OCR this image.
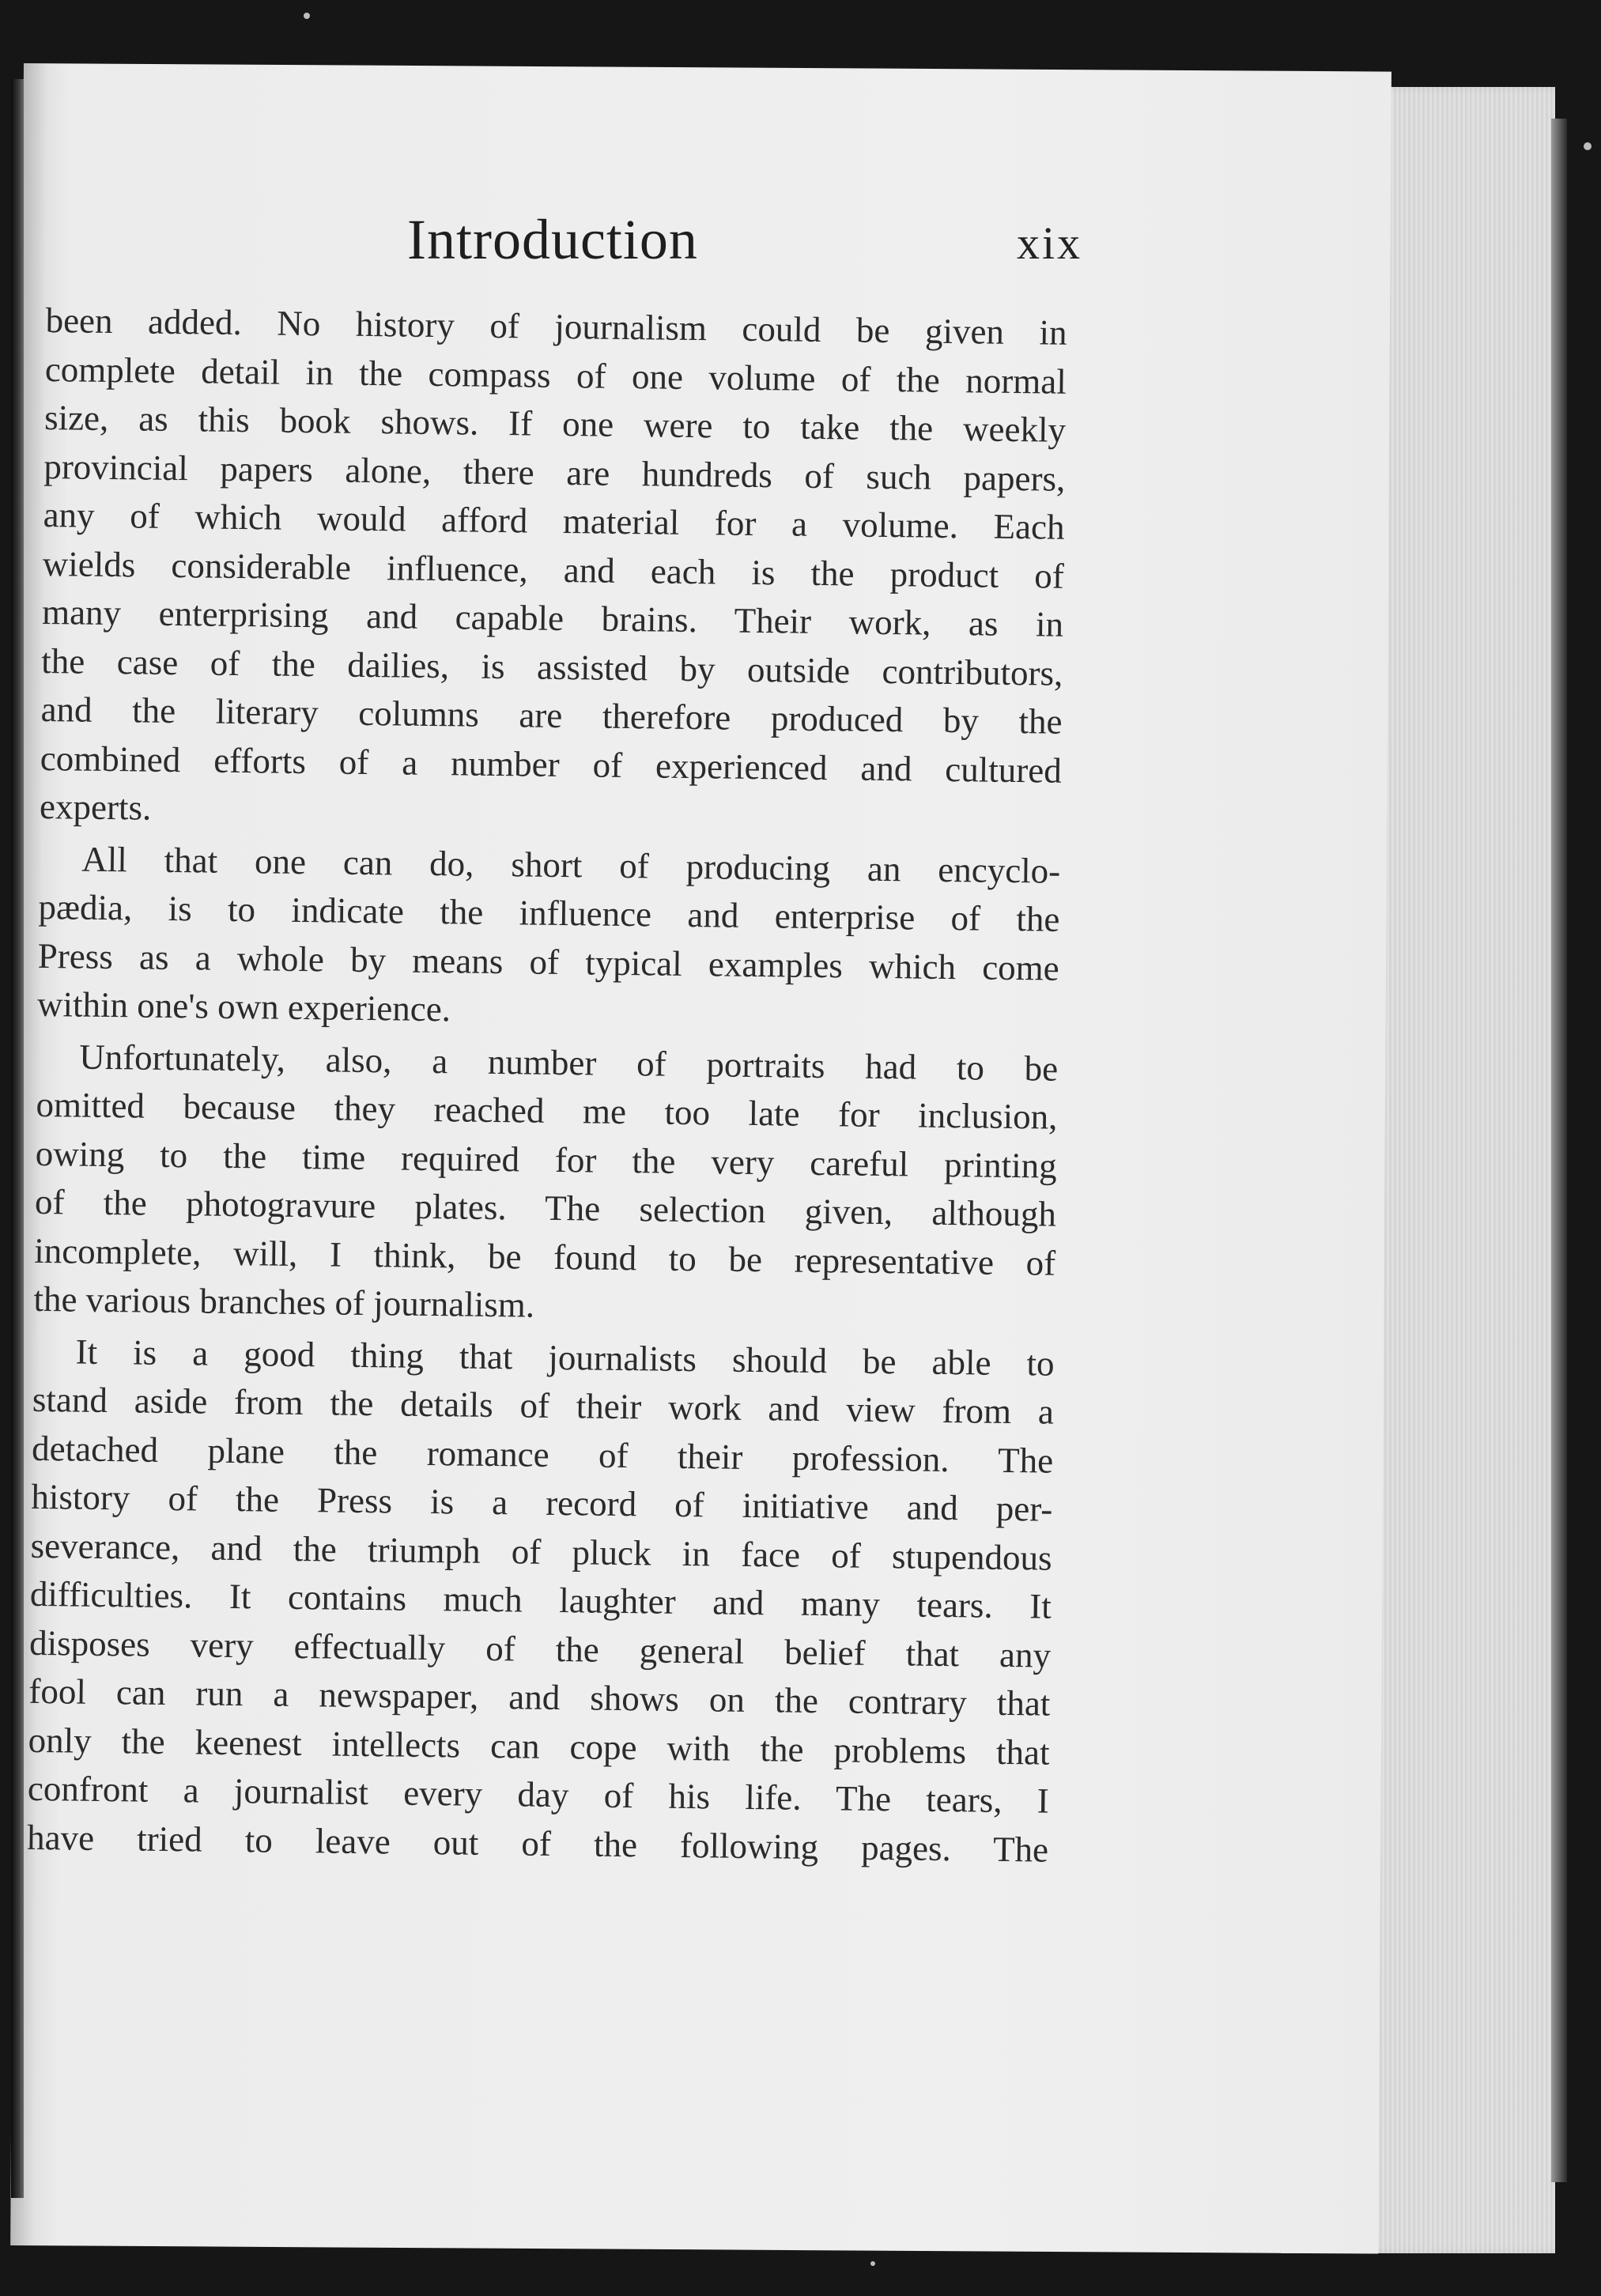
Introduction	xix
been added. No history of journalism could be given in
complete detail in the compass of one volume of the normal
size, as this book shows. If one were to take the weekly
provincial papers alone, there are hundreds of such papers,
any of which would afford material for a volume. Each
wields considerable influence, and each is the product of
many enterprising and capable brains. Their work, as in
the case of the dailies, is assisted by outside contributors,
and the literary columns are therefore produced by the
combined efforts of a number of experienced and cultured
experts.
All that one can do, short of producing an encyclo-
pædia, is to indicate the influence and enterprise of the
Press as a whole by means of typical examples which come
within one's own experience.
Unfortunately, also, a number of portraits had to be
omitted because they reached me too late for inclusion,
owing to the time required for the very careful printing
of the photogravure plates. The selection given, although
incomplete, will, I think, be found to be representative of
the various branches of journalism.
It is a good thing that journalists should be able to
stand aside from the details of their work and view from a
detached plane the romance of their profession. The
history of the Press is a record of initiative and per-
severance, and the triumph of pluck in face of stupendous
difficulties. It contains much laughter and many tears. It
disposes very effectually of the general belief that any
fool can run a newspaper, and shows on the contrary that
only the keenest intellects can cope with the problems that
confront a journalist every day of his life. The tears, I
have tried to leave out of the following pages. The
